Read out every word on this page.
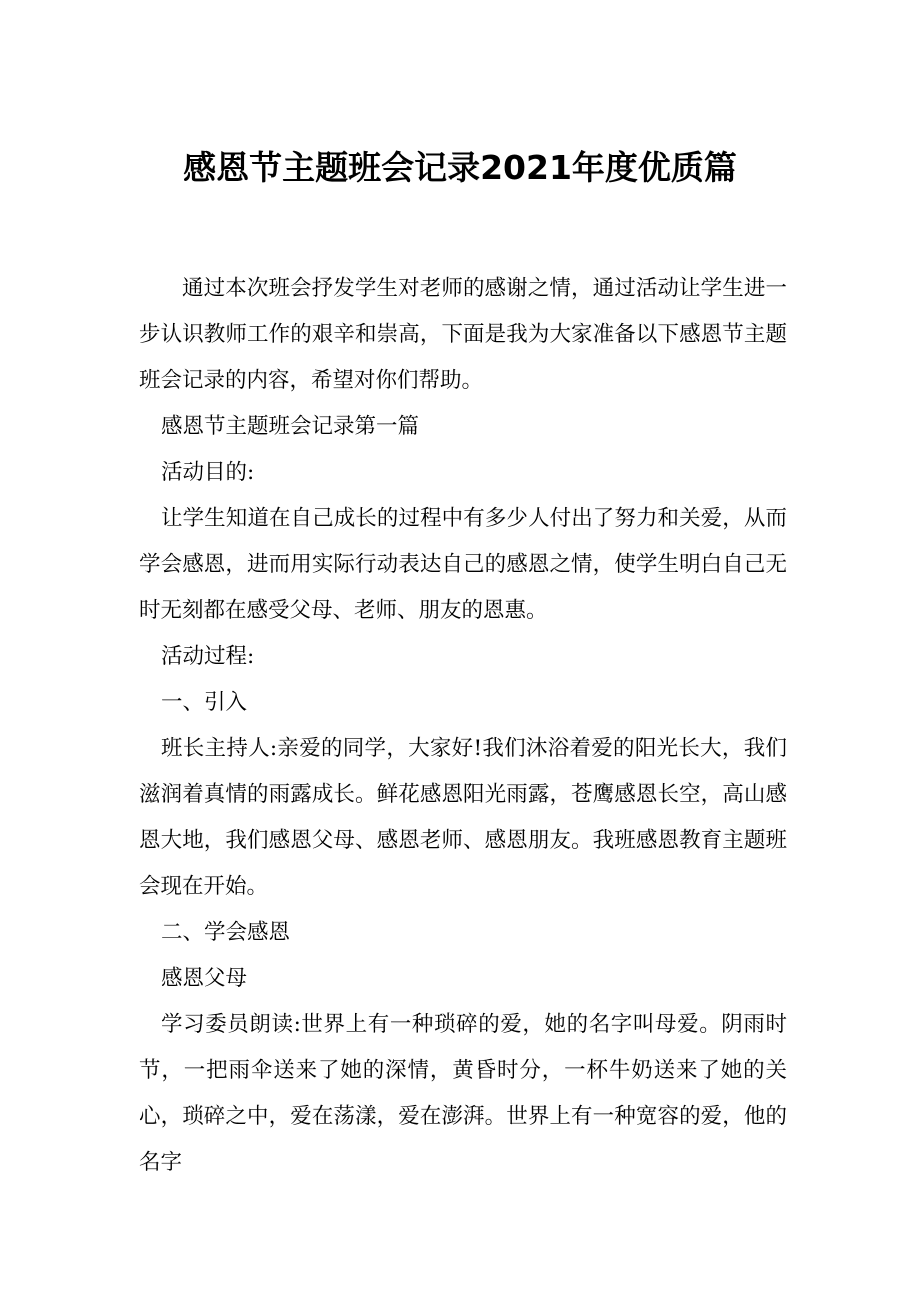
感恩节主题班会记录2021年度优质篇

通过本次班会抒发学生对老师的感谢之情，通过活动让学生进一步认识教师工作的艰辛和崇高，下面是我为大家准备以下感恩节主题班会记录的内容，希望对你们帮助。

感恩节主题班会记录第一篇

活动目的:

让学生知道在自己成长的过程中有多少人付出了努力和关爱，从而学会感恩，进而用实际行动表达自己的感恩之情，使学生明白自己无时无刻都在感受父母、老师、朋友的恩惠。

活动过程:

一、引入

班长主持人:亲爱的同学，大家好!我们沐浴着爱的阳光长大，我们滋润着真情的雨露成长。鲜花感恩阳光雨露，苍鹰感恩长空，高山感恩大地，我们感恩父母、感恩老师、感恩朋友。我班感恩教育主题班会现在开始。

二、学会感恩

感恩父母

学习委员朗读:世界上有一种琐碎的爱，她的名字叫母爱。阴雨时节，一把雨伞送来了她的深情，黄昏时分，一杯牛奶送来了她的关心，琐碎之中，爱在荡漾，爱在澎湃。世界上有一种宽容的爱，他的名字
